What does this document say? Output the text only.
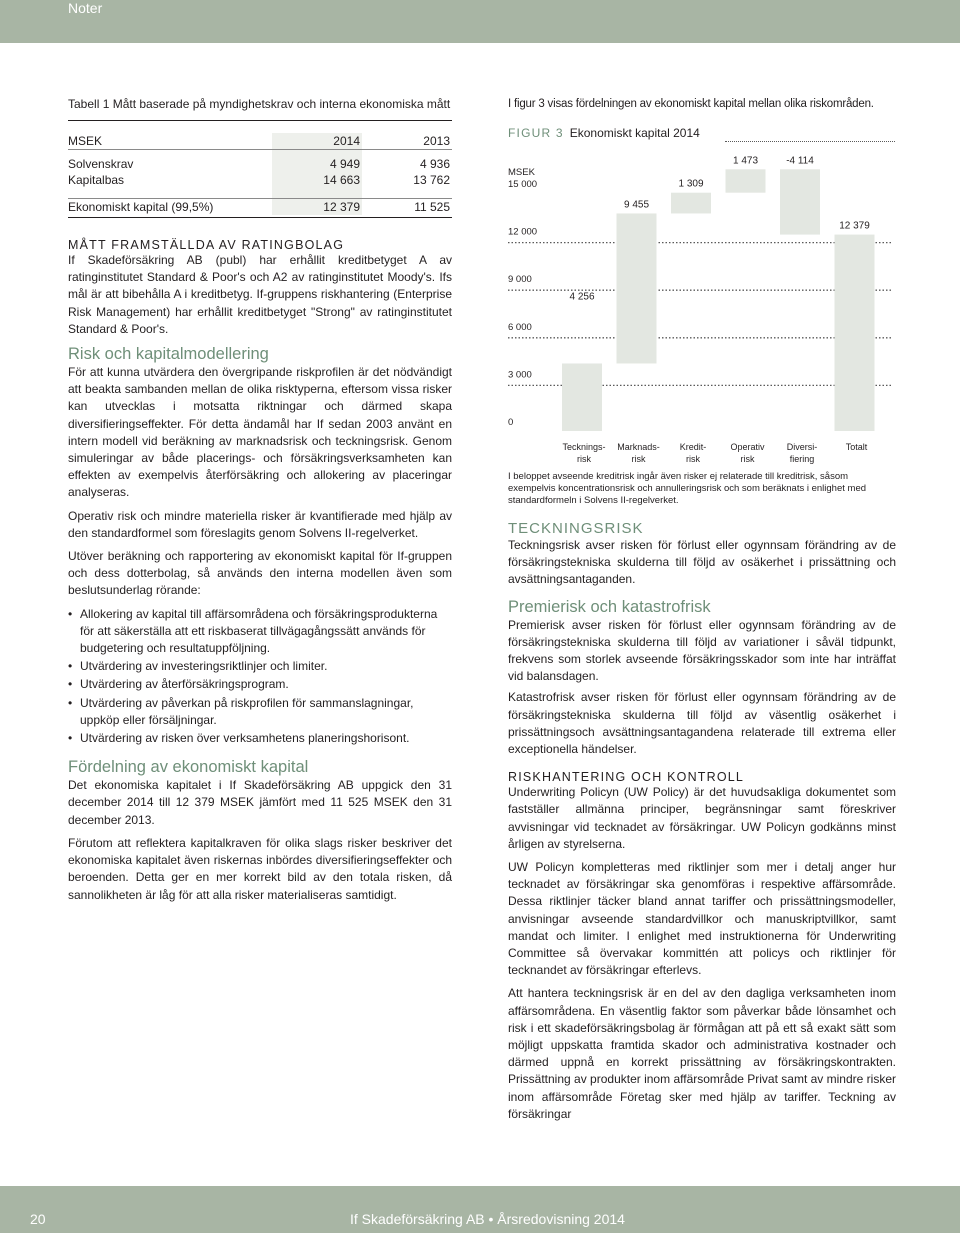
Noter
Tabell 1 Mått baserade på myndighetskrav och interna ekonomiska mått
MSEK	2014	2013

Solvenskrav	4 949	4 936
Kapitalbas	14 663	13 762

Ekonomiskt kapital (99,5%)	12 379	11 525
MÅTT FRAMSTÄLLDA AV RATINGBOLAG

If Skadeförsäkring AB (publ) har erhållit kreditbetyget A av ratinginstitutet Standard & Poor's och A2 av ratinginstitutet Moody's. Ifs mål är att bibehålla A i kreditbetyg. If-gruppens riskhantering (Enterprise Risk Management) har erhållit kreditbetyget "Strong" av ratinginstitutet Standard & Poor's.

Risk och kapitalmodellering

För att kunna utvärdera den övergripande riskprofilen är det nödvändigt att beakta sambanden mellan de olika risktyperna, eftersom vissa risker kan utvecklas i motsatta riktningar och därmed skapa diversifieringseffekter. För detta ändamål har If sedan 2003 använt en intern modell vid beräkning av marknadsrisk och teckningsrisk. Genom simuleringar av både placerings- och försäkringsverksamheten kan effekten av exempelvis återförsäkring och allokering av placeringar analyseras.

Operativ risk och mindre materiella risker är kvantifierade med hjälp av den standardformel som föreslagits genom Solvens II-regelverket.

Utöver beräkning och rapportering av ekonomiskt kapital för If-gruppen och dess dotterbolag, så används den interna modellen även som beslutsunderlag rörande:

• Allokering av kapital till affärsområdena och försäkringsprodukterna för att säkerställa att ett riskbaserat tillvägagångssätt används för budgetering och resultatuppföljning.
• Utvärdering av investeringsriktlinjer och limiter.
• Utvärdering av återförsäkringsprogram.
• Utvärdering av påverkan på riskprofilen för sammanslagningar, uppköp eller försäljningar.
• Utvärdering av risken över verksamhetens planeringshorisont.
Fördelning av ekonomiskt kapital

Det ekonomiska kapitalet i If Skadeförsäkring AB uppgick den 31 december 2014 till 12 379 MSEK jämfört med 11 525 MSEK den 31 december 2013.

Förutom att reflektera kapitalkraven för olika slags risker beskriver det ekonomiska kapitalet även riskernas inbördes diversifieringseffekter och beroenden. Detta ger en mer korrekt bild av den totala risken, då sannolikheten är låg för att alla risker materialiseras samtidigt.

I figur 3 visas fördelningen av ekonomiskt kapital mellan olika riskområden.

FIGUR 3 Ekonomiskt kapital 2014
MSEK
15 000
12 000
9 000
6 000
3 000
0
4 256
Tecknings-
risk
9 455
Marknads-
risk
1 309
Kredit-
risk
1 473
Operativ
risk
-4 114
Diversi-
fiering
12 379
Totalt

I beloppet avseende kreditrisk ingår även risker ej relaterade till kreditrisk, såsom exempelvis koncentrationsrisk och annulleringsrisk och som beräknats i enlighet med standardformeln i Solvens II-regelverket.

TECKNINGSRISK

Teckningsrisk avser risken för förlust eller ogynnsam förändring av de försäkringstekniska skulderna till följd av osäkerhet i prissättning och avsättningsantaganden.

Premierisk och katastrofrisk

Premierisk avser risken för förlust eller ogynnsam förändring av de försäkringstekniska skulderna till följd av variationer i såväl tidpunkt, frekvens som storlek avseende försäkringsskador som inte har inträffat vid balansdagen.

Katastrofrisk avser risken för förlust eller ogynnsam förändring av de försäkringstekniska skulderna till följd av väsentlig osäkerhet i prissättningsoch avsättningsantagandena relaterade till extrema eller exceptionella händelser.

RISKHANTERING OCH KONTROLL

Underwriting Policyn (UW Policy) är det huvudsakliga dokumentet som fastställer allmänna principer, begränsningar samt föreskriver avvisningar vid tecknadet av försäkringar. UW Policyn godkänns minst årligen av styrelserna.

UW Policyn kompletteras med riktlinjer som mer i detalj anger hur tecknadet av försäkringar ska genomföras i respektive affärsområde. Dessa riktlinjer täcker bland annat tariffer och prissättningsmodeller, anvisningar avseende standardvillkor och manuskriptvillkor, samt mandat och limiter. I enlighet med instruktionerna för Underwriting Committee så övervakar kommittén att policys och riktlinjer för tecknandet av försäkringar efterlevs.

Att hantera teckningsrisk är en del av den dagliga verksamheten inom affärsområdena. En väsentlig faktor som påverkar både lönsamhet och risk i ett skadeförsäkringsbolag är förmågan att på ett så exakt sätt som möjligt uppskatta framtida skador och administrativa kostnader och därmed uppnå en korrekt prissättning av försäkringskontrakten. Prissättning av produkter inom affärsområde Privat samt av mindre risker inom affärsområde Företag sker med hjälp av tariffer. Teckning av försäkringar

20	If Skadeförsäkring AB • Årsredovisning 2014
